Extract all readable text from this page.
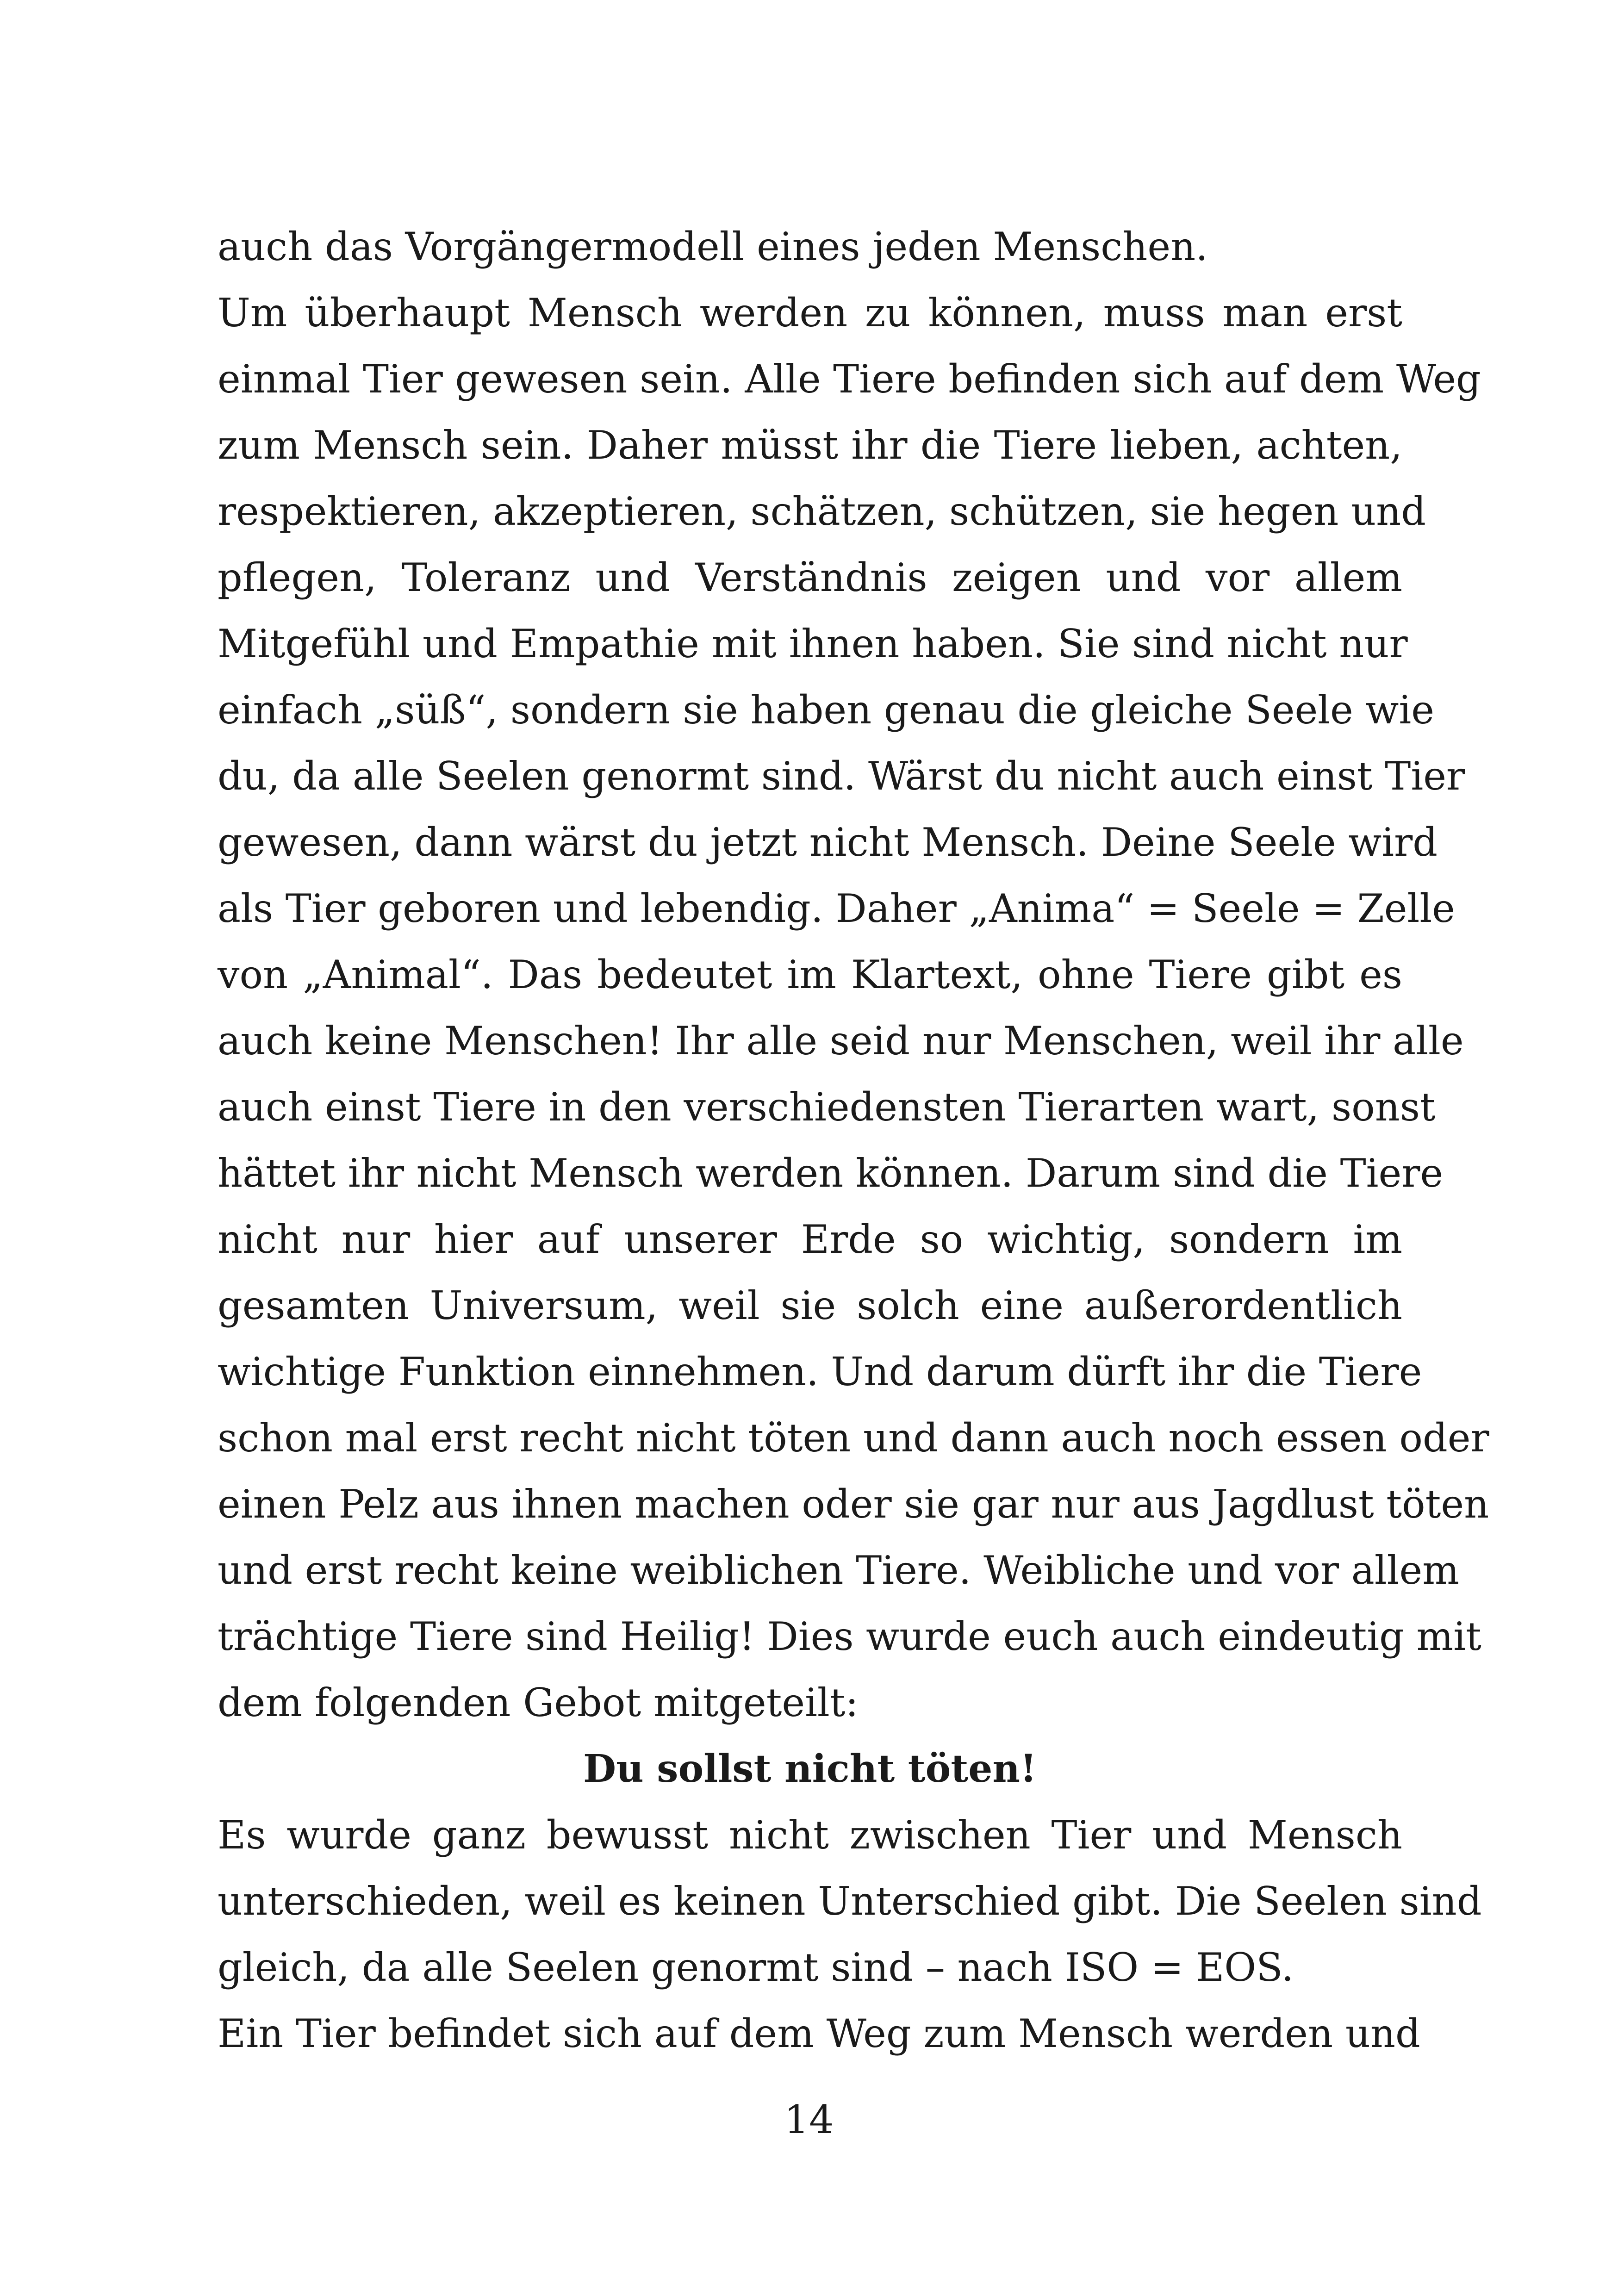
auch das Vorgängermodell eines jeden Menschen.
Um überhaupt Mensch werden zu können, muss man erst
einmal Tier gewesen sein. Alle Tiere befinden sich auf dem Weg
zum Mensch sein. Daher müsst ihr die Tiere lieben, achten,
respektieren, akzeptieren, schätzen, schützen, sie hegen und
pflegen, Toleranz und Verständnis zeigen und vor allem
Mitgefühl und Empathie mit ihnen haben. Sie sind nicht nur
einfach „süß“, sondern sie haben genau die gleiche Seele wie
du, da alle Seelen genormt sind. Wärst du nicht auch einst Tier
gewesen, dann wärst du jetzt nicht Mensch. Deine Seele wird
als Tier geboren und lebendig. Daher „Anima“ = Seele = Zelle
von „Animal“. Das bedeutet im Klartext, ohne Tiere gibt es
auch keine Menschen! Ihr alle seid nur Menschen, weil ihr alle
auch einst Tiere in den verschiedensten Tierarten wart, sonst
hättet ihr nicht Mensch werden können. Darum sind die Tiere
nicht nur hier auf unserer Erde so wichtig, sondern im
gesamten Universum, weil sie solch eine außerordentlich
wichtige Funktion einnehmen. Und darum dürft ihr die Tiere
schon mal erst recht nicht töten und dann auch noch essen oder
einen Pelz aus ihnen machen oder sie gar nur aus Jagdlust töten
und erst recht keine weiblichen Tiere. Weibliche und vor allem
trächtige Tiere sind Heilig! Dies wurde euch auch eindeutig mit
dem folgenden Gebot mitgeteilt:
Du sollst nicht töten!
Es wurde ganz bewusst nicht zwischen Tier und Mensch
unterschieden, weil es keinen Unterschied gibt. Die Seelen sind
gleich, da alle Seelen genormt sind – nach ISO = EOS.
Ein Tier befindet sich auf dem Weg zum Mensch werden und
14
